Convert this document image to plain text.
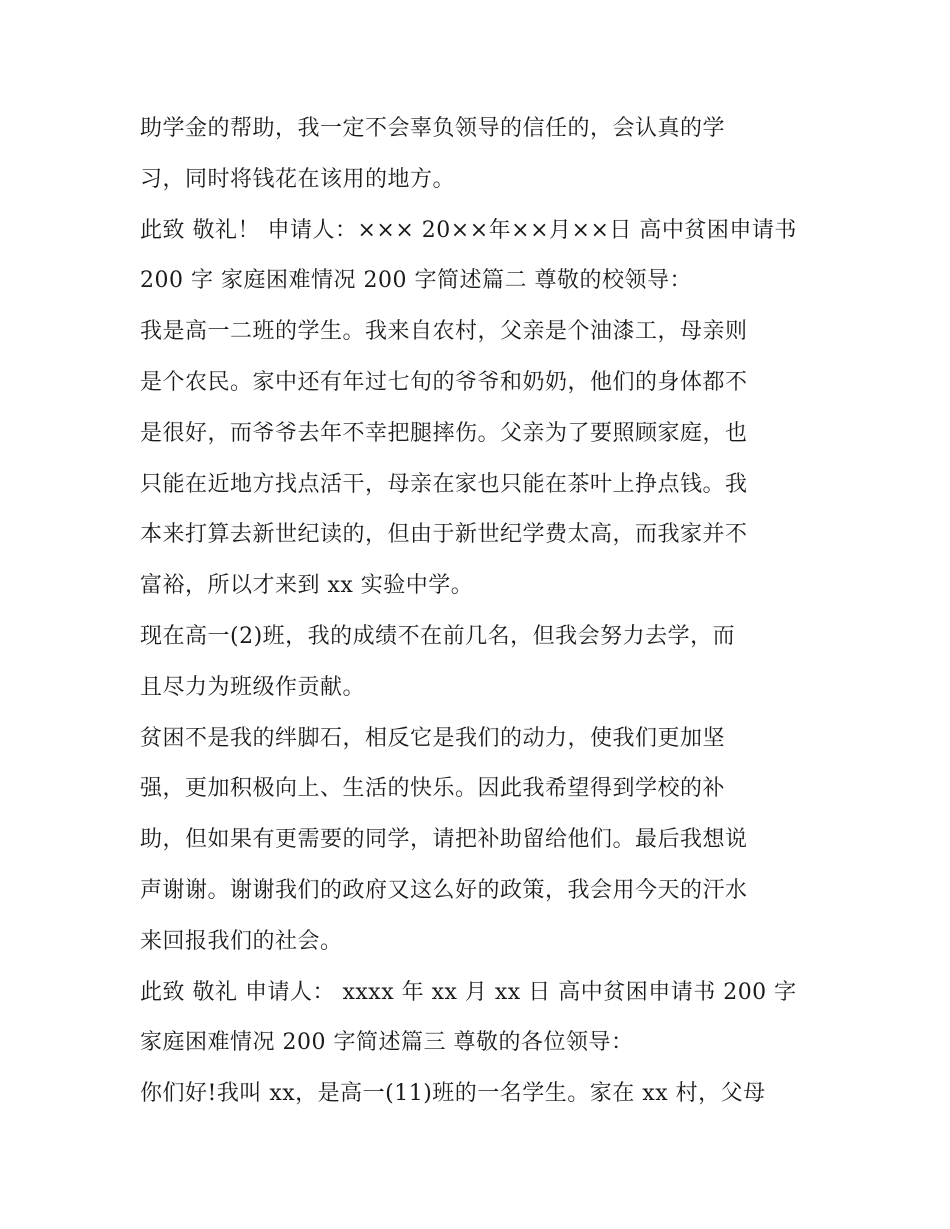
助学金的帮助，我一定不会辜负领导的信任的，会认真的学
习，同时将钱花在该用的地方。
此致 敬礼！ 申请人：××× 20××年××月××日 高中贫困申请书
200 字 家庭困难情况 200 字简述篇二 尊敬的校领导：
我是高一二班的学生。我来自农村，父亲是个油漆工，母亲则
是个农民。家中还有年过七旬的爷爷和奶奶，他们的身体都不
是很好，而爷爷去年不幸把腿摔伤。父亲为了要照顾家庭，也
只能在近地方找点活干，母亲在家也只能在茶叶上挣点钱。我
本来打算去新世纪读的，但由于新世纪学费太高，而我家并不
富裕，所以才来到 xx 实验中学。
现在高一(2)班，我的成绩不在前几名，但我会努力去学，而
且尽力为班级作贡献。
贫困不是我的绊脚石，相反它是我们的动力，使我们更加坚
强，更加积极向上、生活的快乐。因此我希望得到学校的补
助，但如果有更需要的同学，请把补助留给他们。最后我想说
声谢谢。谢谢我们的政府又这么好的政策，我会用今天的汗水
来回报我们的社会。
此致 敬礼 申请人： xxxx 年 xx 月 xx 日 高中贫困申请书 200 字
家庭困难情况 200 字简述篇三 尊敬的各位领导：
你们好!我叫 xx，是高一(11)班的一名学生。家在 xx 村，父母
